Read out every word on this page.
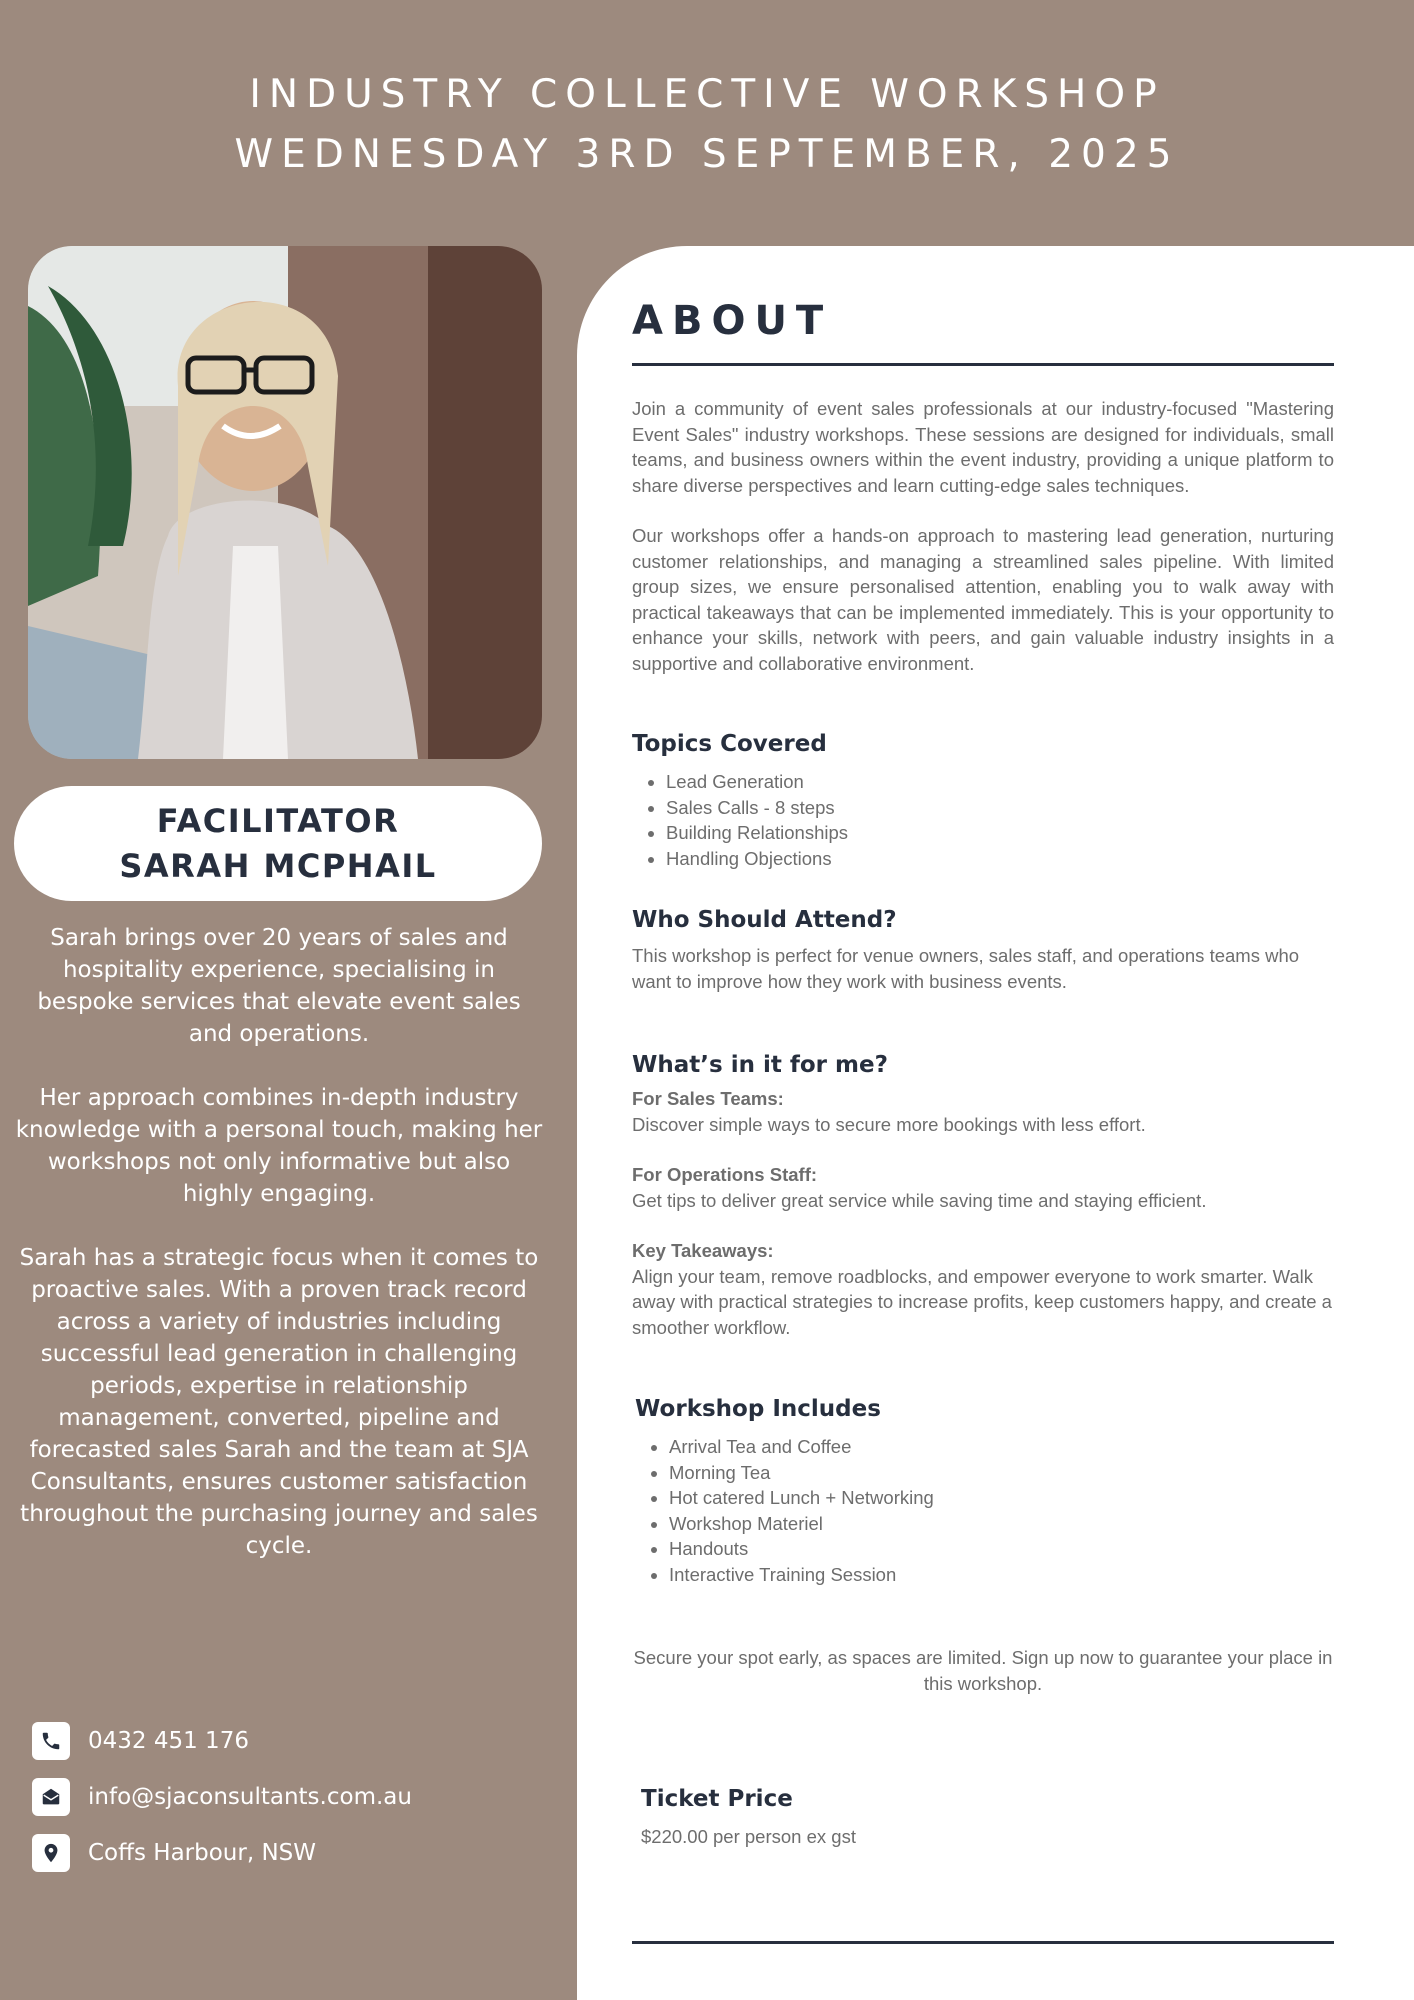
INDUSTRY COLLECTIVE WORKSHOP
WEDNESDAY 3RD SEPTEMBER, 2025
FACILITATOR
SARAH MCPHAIL

Sarah brings over 20 years of sales and hospitality experience, specialising in bespoke services that elevate event sales and operations.

Her approach combines in-depth industry knowledge with a personal touch, making her workshops not only informative but also highly engaging.

Sarah has a strategic focus when it comes to proactive sales. With a proven track record across a variety of industries including successful lead generation in challenging periods, expertise in relationship management, converted, pipeline and forecasted sales Sarah and the team at SJA Consultants, ensures customer satisfaction throughout the purchasing journey and sales cycle.

0432 451 176
info@sjaconsultants.com.au
Coffs Harbour, NSW
ABOUT

Join a community of event sales professionals at our industry-focused "Mastering Event Sales" industry workshops. These sessions are designed for individuals, small teams, and business owners within the event industry, providing a unique platform to share diverse perspectives and learn cutting-edge sales techniques.

Our workshops offer a hands-on approach to mastering lead generation, nurturing customer relationships, and managing a streamlined sales pipeline. With limited group sizes, we ensure personalised attention, enabling you to walk away with practical takeaways that can be implemented immediately. This is your opportunity to enhance your skills, network with peers, and gain valuable industry insights in a supportive and collaborative environment.

Topics Covered
• Lead Generation
• Sales Calls - 8 steps
• Building Relationships
• Handling Objections
Who Should Attend?

This workshop is perfect for venue owners, sales staff, and operations teams who want to improve how they work with business events.

What’s in it for me?
For Sales Teams:

Discover simple ways to secure more bookings with less effort.

For Operations Staff:

Get tips to deliver great service while saving time and staying efficient.

Key Takeaways:

Align your team, remove roadblocks, and empower everyone to work smarter. Walk away with practical strategies to increase profits, keep customers happy, and create a smoother workflow.

Workshop Includes
• Arrival Tea and Coffee
• Morning Tea
• Hot catered Lunch + Networking
• Workshop Materiel
• Handouts
• Interactive Training Session

Secure your spot early, as spaces are limited. Sign up now to guarantee your place in this workshop.

Ticket Price

$220.00 per person ex gst
